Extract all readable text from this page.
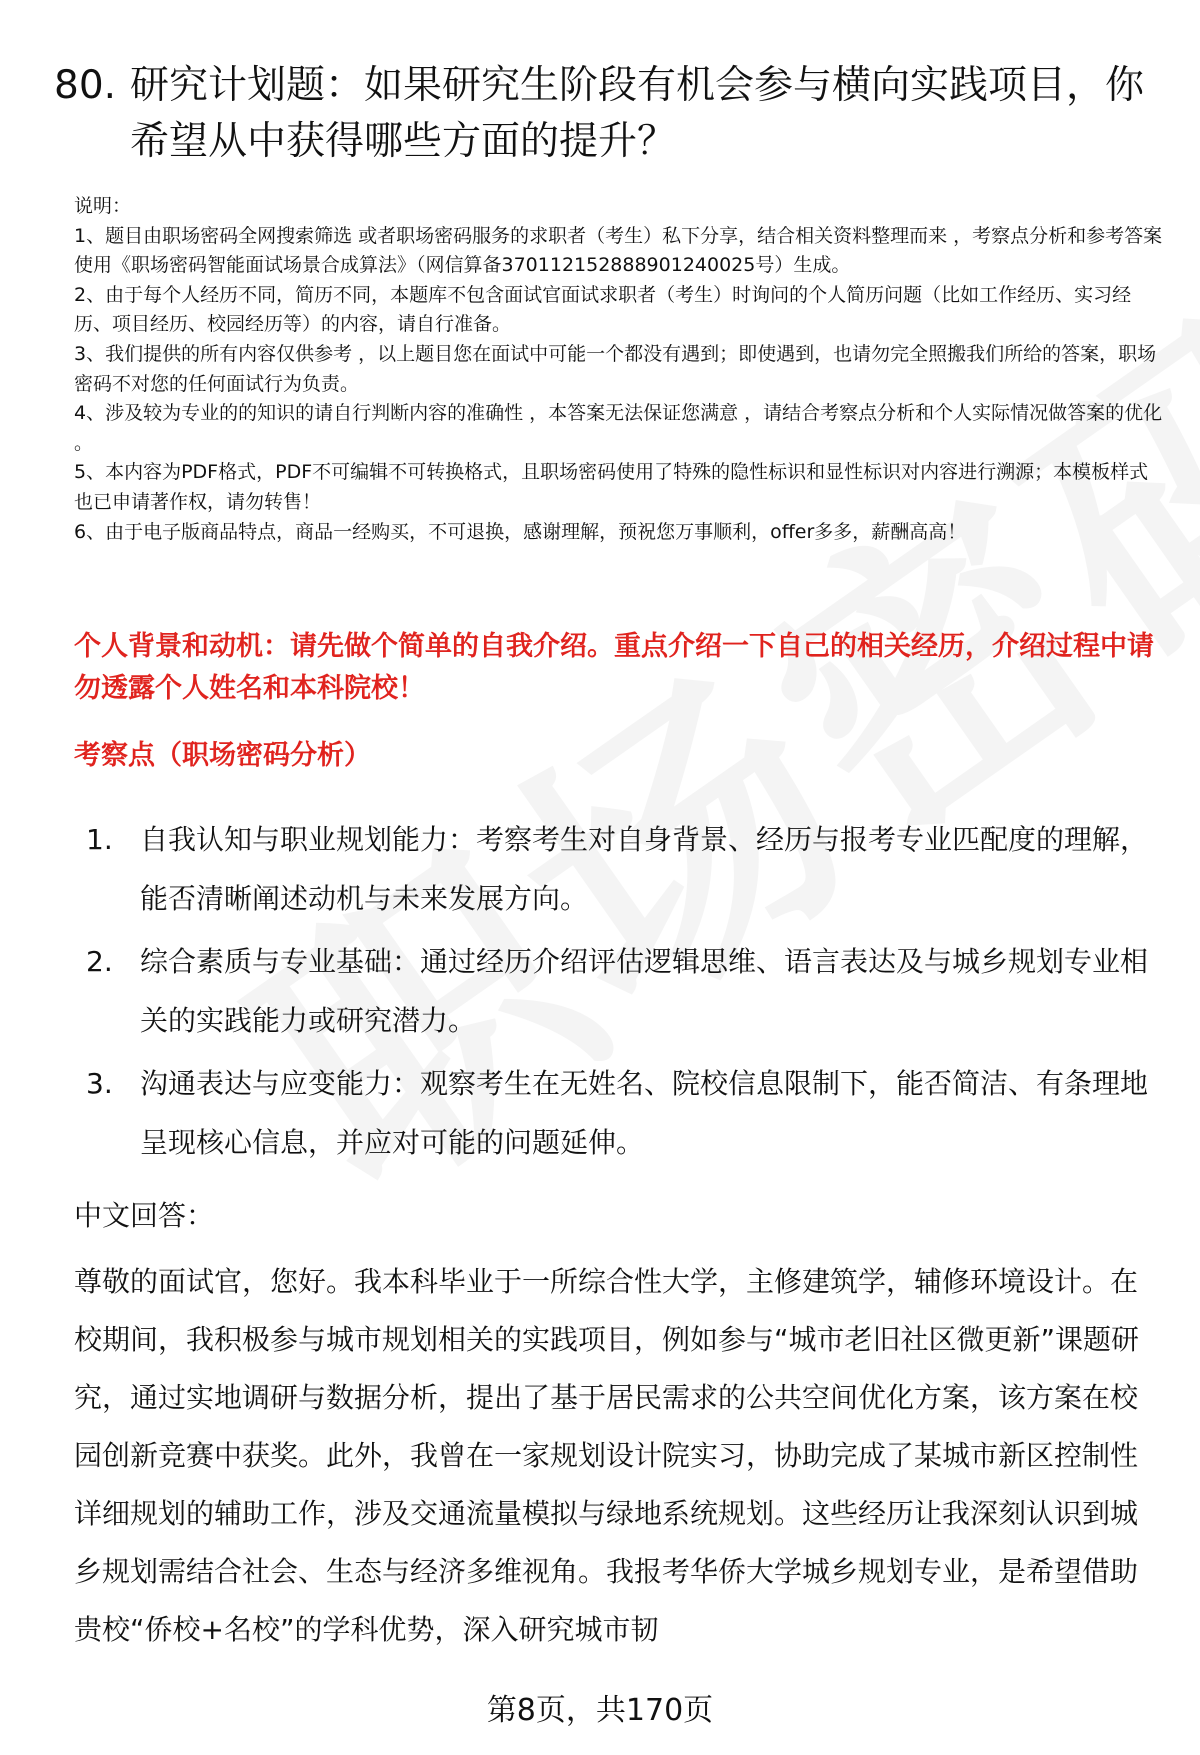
80. 研究计划题：如果研究生阶段有机会参与横向实践项目，你希望从中获得哪些方面的提升？
说明：
1、题目由职场密码全网搜索筛选 或者职场密码服务的求职者（考生）私下分享，结合相关资料整理而来 ，考察点分析和参考答案使用《职场密码智能面试场景合成算法》（网信算备370112152888901240025号）生成。
2、由于每个人经历不同，简历不同，本题库不包含面试官面试求职者（考生）时询问的个人简历问题（比如工作经历、实习经历、项目经历、校园经历等）的内容，请自行准备。
3、我们提供的所有内容仅供参考 ，以上题目您在面试中可能一个都没有遇到；即使遇到，也请勿完全照搬我们所给的答案，职场密码不对您的任何面试行为负责。
4、涉及较为专业的的知识的请自行判断内容的准确性 ，本答案无法保证您满意 ，请结合考察点分析和个人实际情况做答案的优化 。
5、本内容为PDF格式，PDF不可编辑不可转换格式，且职场密码使用了特殊的隐性标识和显性标识对内容进行溯源；本模板样式也已申请著作权，请勿转售！
6、由于电子版商品特点，商品一经购买，不可退换，感谢理解，预祝您万事顺利，offer多多，薪酬高高！
个人背景和动机：请先做个简单的自我介绍。重点介绍一下自己的相关经历，介绍过程中请勿透露个人姓名和本科院校！
考察点（职场密码分析）
1. 自我认知与职业规划能力：考察考生对自身背景、经历与报考专业匹配度的理解，能否清晰阐述动机与未来发展方向。
2. 综合素质与专业基础：通过经历介绍评估逻辑思维、语言表达及与城乡规划专业相关的实践能力或研究潜力。
3. 沟通表达与应变能力：观察考生在无姓名、院校信息限制下，能否简洁、有条理地呈现核心信息，并应对可能的问题延伸。
中文回答：
尊敬的面试官，您好。我本科毕业于一所综合性大学，主修建筑学，辅修环境设计。在校期间，我积极参与城市规划相关的实践项目，例如参与“城市老旧社区微更新”课题研究，通过实地调研与数据分析，提出了基于居民需求的公共空间优化方案，该方案在校园创新竞赛中获奖。此外，我曾在一家规划设计院实习，协助完成了某城市新区控制性详细规划的辅助工作，涉及交通流量模拟与绿地系统规划。这些经历让我深刻认识到城乡规划需结合社会、生态与经济多维视角。我报考华侨大学城乡规划专业，是希望借助贵校“侨校+名校”的学科优势，深入研究城市韧
第8页，共170页
